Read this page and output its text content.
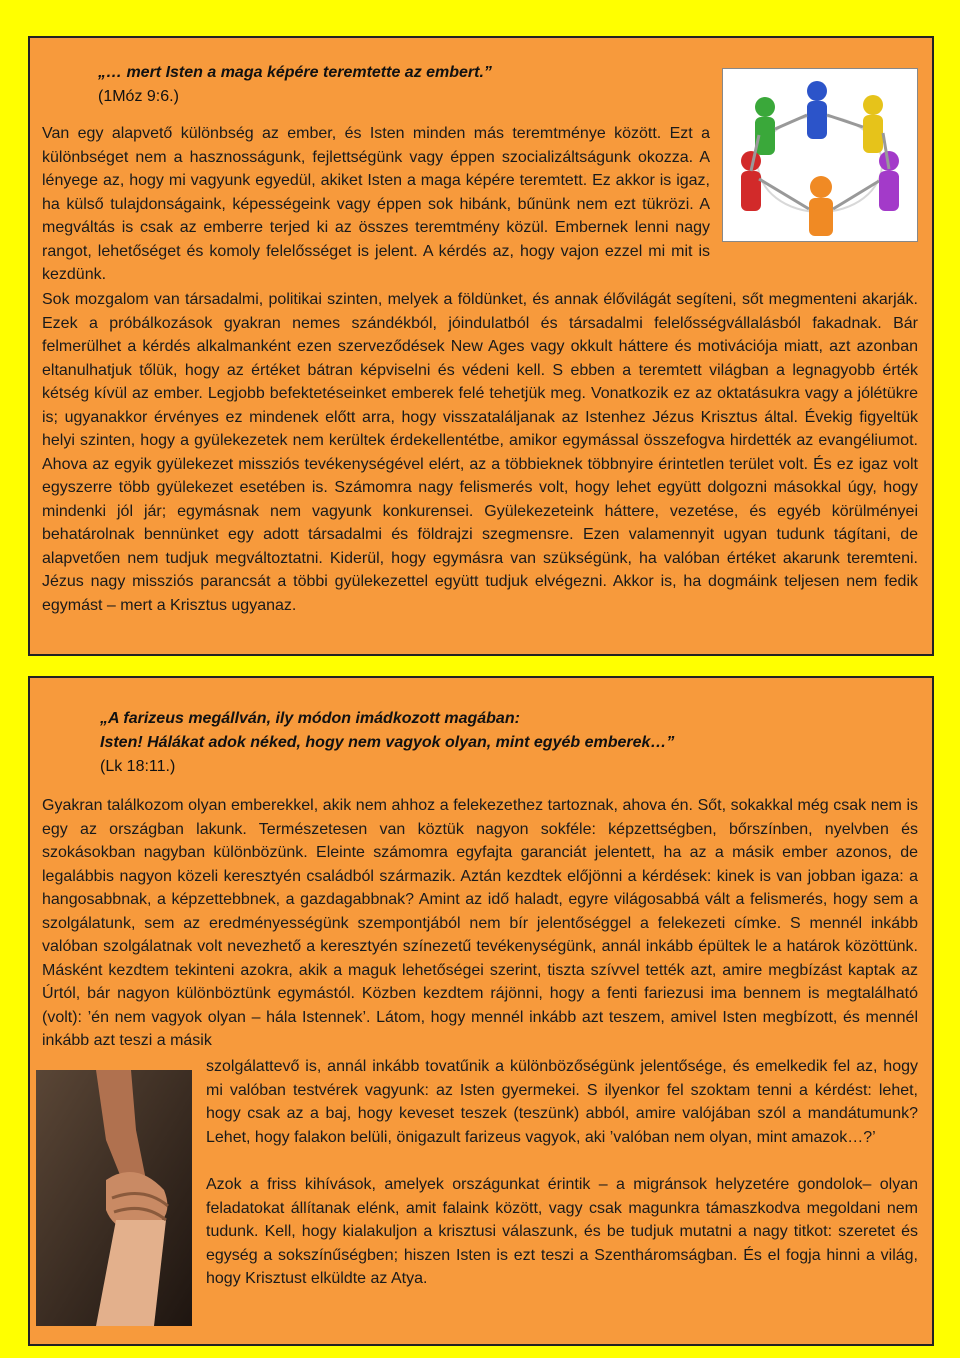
„… mert Isten a maga képére teremtette az embert.”
(1Móz 9:6.)
Van egy alapvető különbség az ember, és Isten minden más teremtménye között. Ezt a különbséget nem a hasznosságunk, fejlettségünk vagy éppen szocializáltságunk okozza. A lényege az, hogy mi vagyunk egyedül, akiket Isten a maga képére teremtett. Ez akkor is igaz, ha külső tulajdonságaink, képességeink vagy éppen sok hibánk, bűnünk nem ezt tükrözi. A megváltás is csak az emberre terjed ki az összes teremtmény közül. Embernek lenni nagy rangot, lehetőséget és komoly felelősséget is jelent. A kérdés az, hogy vajon ezzel mi mit is kezdünk.
Sok mozgalom van társadalmi, politikai szinten, melyek a földünket, és annak élővilágát segíteni, sőt megmenteni akarják. Ezek a próbálkozások gyakran nemes szándékból, jóindulatból és társadalmi felelősségvállalásból fakadnak. Bár felmerülhet a kérdés alkalmanként ezen szerveződések New Ages vagy okkult háttere és motivációja miatt, azt azonban eltanulhatjuk tőlük, hogy az értéket bátran képviselni és védeni kell. S ebben a teremtett világban a legnagyobb érték kétség kívül az ember. Legjobb befektetéseinket emberek felé tehetjük meg. Vonatkozik ez az oktatásukra vagy a jólétükre is; ugyanakkor érvényes ez mindenek előtt arra, hogy visszataláljanak az Istenhez Jézus Krisztus által. Évekig figyeltük helyi szinten, hogy a gyülekezetek nem kerültek érdekellentétbe, amikor egymással összefogva hirdették az evangéliumot. Ahova az egyik gyülekezet missziós tevékenységével elért, az a többieknek többnyire érintetlen terület volt. És ez igaz volt egyszerre több gyülekezet esetében is. Számomra nagy felismerés volt, hogy lehet együtt dolgozni másokkal úgy, hogy mindenki jól jár; egymásnak nem vagyunk konkurensei. Gyülekezeteink háttere, vezetése, és egyéb körülményei behatárolnak bennünket egy adott társadalmi és földrajzi szegmensre. Ezen valamennyit ugyan tudunk tágítani, de alapvetően nem tudjuk megváltoztatni. Kiderül, hogy egymásra van szükségünk, ha valóban értéket akarunk teremteni. Jézus nagy missziós parancsát a többi gyülekezettel együtt tudjuk elvégezni. Akkor is, ha dogmáink teljesen nem fedik egymást – mert a Krisztus ugyanaz.
„A farizeus megállván, ily módon imádkozott magában:
Isten! Hálákat adok néked, hogy nem vagyok olyan, mint egyéb emberek…”
(Lk 18:11.)
Gyakran találkozom olyan emberekkel, akik nem ahhoz a felekezethez tartoznak, ahova én. Sőt, sokakkal még csak nem is egy az országban lakunk. Természetesen van köztük nagyon sokféle: képzettségben, bőrszínben, nyelvben és szokásokban nagyban különbözünk. Eleinte számomra egyfajta garanciát jelentett, ha az a másik ember azonos, de legalábbis nagyon közeli keresztyén családból származik. Aztán kezdtek előjönni a kérdések: kinek is van jobban igaza: a hangosabbnak, a képzettebbnek, a gazdagabbnak? Amint az idő haladt, egyre világosabbá vált a felismerés, hogy sem a szolgálatunk, sem az eredményességünk szempontjából nem bír jelentőséggel a felekezeti címke. S mennél inkább valóban szolgálatnak volt nevezhető a keresztyén színezetű tevékenységünk, annál inkább épültek le a határok közöttünk. Másként kezdtem tekinteni azokra, akik a maguk lehetőségei szerint, tiszta szívvel tették azt, amire megbízást kaptak az Úrtól, bár nagyon különböztünk egymástól. Közben kezdtem rájönni, hogy a fenti fariezusi ima bennem is megtalálható (volt): ’én nem vagyok olyan – hála Istennek’. Látom, hogy mennél inkább azt teszem, amivel Isten megbízott, és mennél inkább azt teszi a másik
szolgálattevő is, annál inkább tovatűnik a különbözőségünk jelentősége, és emelkedik fel az, hogy mi valóban testvérek vagyunk: az Isten gyermekei. S ilyenkor fel szoktam tenni a kérdést: lehet, hogy csak az a baj, hogy keveset teszek (teszünk) abból, amire valójában szól a mandátumunk? Lehet, hogy falakon belüli, önigazult farizeus vagyok, aki ’valóban nem olyan, mint amazok…?’
Azok a friss kihívások, amelyek országunkat érintik – a migránsok helyzetére gondolok– olyan feladatokat állítanak elénk, amit falaink között, vagy csak magunkra támaszkodva megoldani nem tudunk. Kell, hogy kialakuljon a krisztusi válaszunk, és be tudjuk mutatni a nagy titkot: szeretet és egység a sokszínűségben; hiszen Isten is ezt teszi a Szentháromságban. És el fogja hinni a világ, hogy Krisztust elküldte az Atya.
